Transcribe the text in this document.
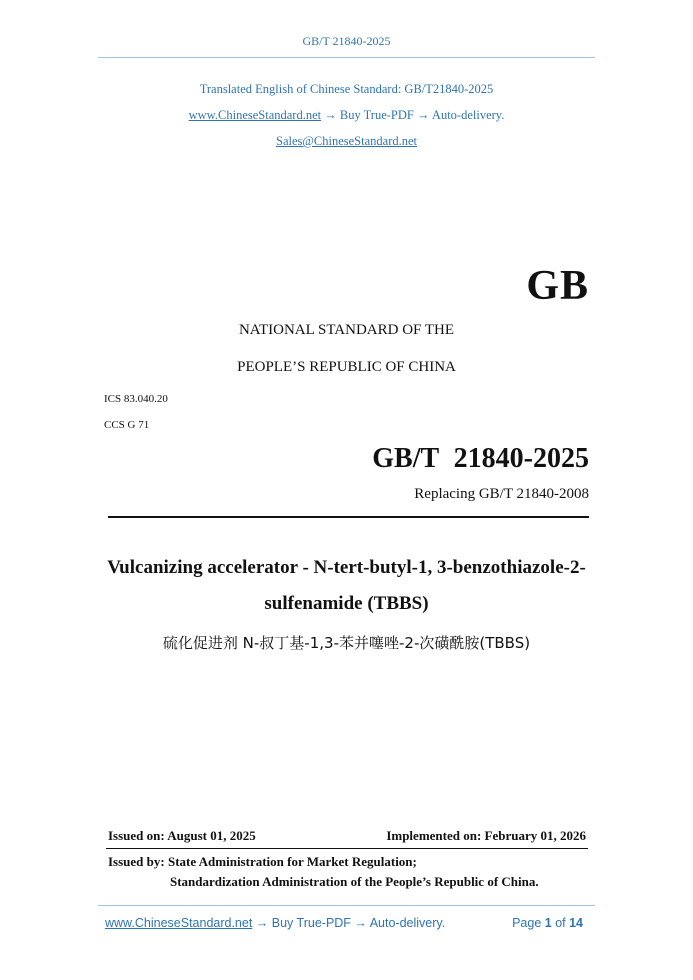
GB/T 21840-2025
Translated English of Chinese Standard: GB/T21840-2025
www.ChineseStandard.net → Buy True-PDF → Auto-delivery.
Sales@ChineseStandard.net
GB
NATIONAL STANDARD OF THE
PEOPLE’S REPUBLIC OF CHINA
ICS 83.040.20
CCS G 71
GB/T 21840-2025
Replacing GB/T 21840-2008
Vulcanizing accelerator - N-tert-butyl-1, 3-benzothiazole-2-
sulfenamide (TBBS)
硫化促进剂 N-叔丁基-1,3-苯并噻唑-2-次磺酰胺(TBBS)
Issued on: August 01, 2025	Implemented on: February 01, 2026
Issued by: State Administration for Market Regulation;
Standardization Administration of the People’s Republic of China.
www.ChineseStandard.net → Buy True-PDF → Auto-delivery.	Page 1 of 14
